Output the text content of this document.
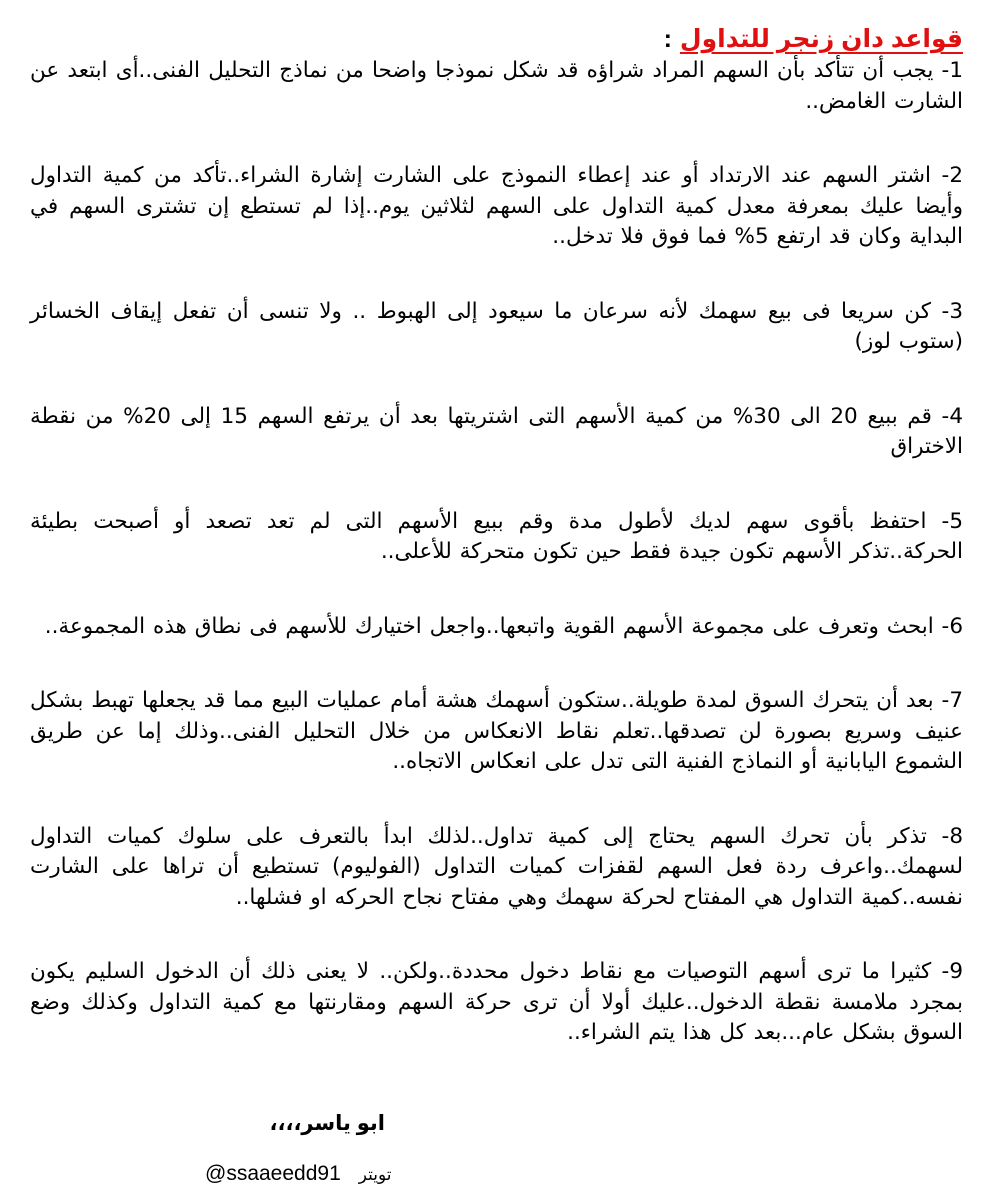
قواعد دان زنجر للتداول:

1- يجب أن تتأكد بأن السهم المراد شراؤه قد شكل نموذجا واضحا من نماذج التحليل الفنى..أى ابتعد عن الشارت الغامض..

2- اشتر السهم عند الارتداد أو عند إعطاء النموذج على الشارت إشارة الشراء..تأكد من كمية التداول وأيضا عليك بمعرفة معدل كمية التداول على السهم لثلاثين يوم..إذا لم تستطع إن تشترى السهم في البداية وكان قد ارتفع 5% فما فوق فلا تدخل..

3- كن سريعا فى بيع سهمك لأنه سرعان ما سيعود إلى الهبوط .. ولا تنسى أن تفعل إيقاف الخسائر (ستوب لوز)

4- قم ببيع 20 الى 30% من كمية الأسهم التى اشتريتها بعد أن يرتفع السهم 15 إلى 20% من نقطة الاختراق

5- احتفظ بأقوى سهم لديك لأطول مدة وقم ببيع الأسهم التى لم تعد تصعد أو أصبحت بطيئة الحركة..تذكر الأسهم تكون جيدة فقط حين تكون متحركة للأعلى..

6- ابحث وتعرف على مجموعة الأسهم القوية واتبعها..واجعل اختيارك للأسهم فى نطاق هذه المجموعة..

7- بعد أن يتحرك السوق لمدة طويلة..ستكون أسهمك هشة أمام عمليات البيع مما قد يجعلها تهبط بشكل عنيف وسريع بصورة لن تصدقها..تعلم نقاط الانعكاس من خلال التحليل الفنى..وذلك إما عن طريق الشموع اليابانية أو النماذج الفنية التى تدل على انعكاس الاتجاه..

8- تذكر بأن تحرك السهم يحتاج إلى كمية تداول..لذلك ابدأ بالتعرف على سلوك كميات التداول لسهمك..واعرف ردة فعل السهم لقفزات كميات التداول (الفوليوم) تستطيع أن تراها على الشارت نفسه..كمية التداول هي المفتاح لحركة سهمك وهي مفتاح نجاح الحركه او فشلها..

9- كثيرا ما ترى أسهم التوصيات مع نقاط دخول محددة..ولكن.. لا يعنى ذلك أن الدخول السليم يكون بمجرد ملامسة نقطة الدخول..عليك أولا أن ترى حركة السهم ومقارنتها مع كمية التداول وكذلك وضع السوق بشكل عام...بعد كل هذا يتم الشراء..

ابو ياسر،،،،
@ssaaeedd91 تويتر
